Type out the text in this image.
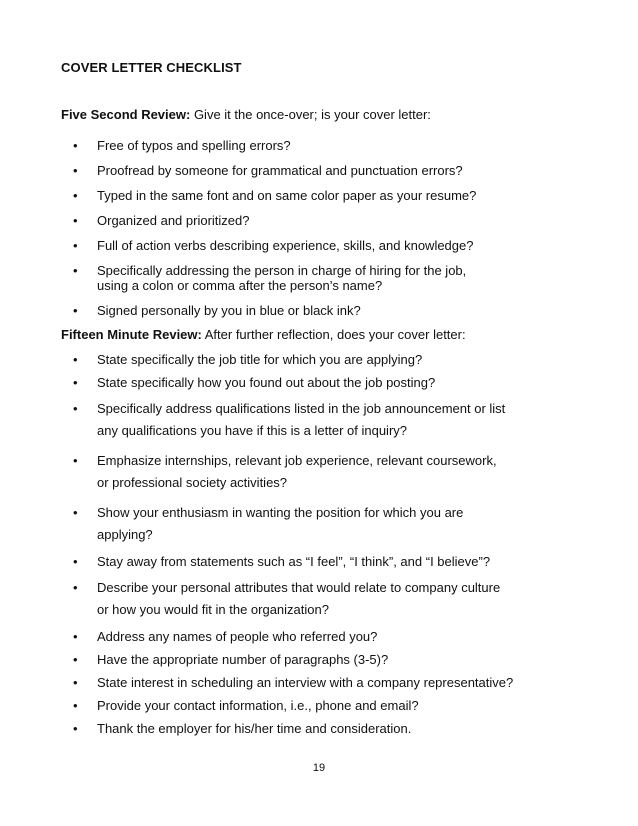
COVER LETTER CHECKLIST
Five Second Review: Give it the once-over; is your cover letter:
• Free of typos and spelling errors?
• Proofread by someone for grammatical and punctuation errors?
• Typed in the same font and on same color paper as your resume?
• Organized and prioritized?
• Full of action verbs describing experience, skills, and knowledge?
• Specifically addressing the person in charge of hiring for the job,
using a colon or comma after the person’s name?
• Signed personally by you in blue or black ink?
Fifteen Minute Review: After further reflection, does your cover letter:
• State specifically the job title for which you are applying?
• State specifically how you found out about the job posting?
• Specifically address qualifications listed in the job announcement or list
any qualifications you have if this is a letter of inquiry?
• Emphasize internships, relevant job experience, relevant coursework,
or professional society activities?
• Show your enthusiasm in wanting the position for which you are
applying?
• Stay away from statements such as “I feel”, “I think”, and “I believe”?
• Describe your personal attributes that would relate to company culture
or how you would fit in the organization?
• Address any names of people who referred you?
• Have the appropriate number of paragraphs (3-5)?
• State interest in scheduling an interview with a company representative?
• Provide your contact information, i.e., phone and email?
• Thank the employer for his/her time and consideration.
19
